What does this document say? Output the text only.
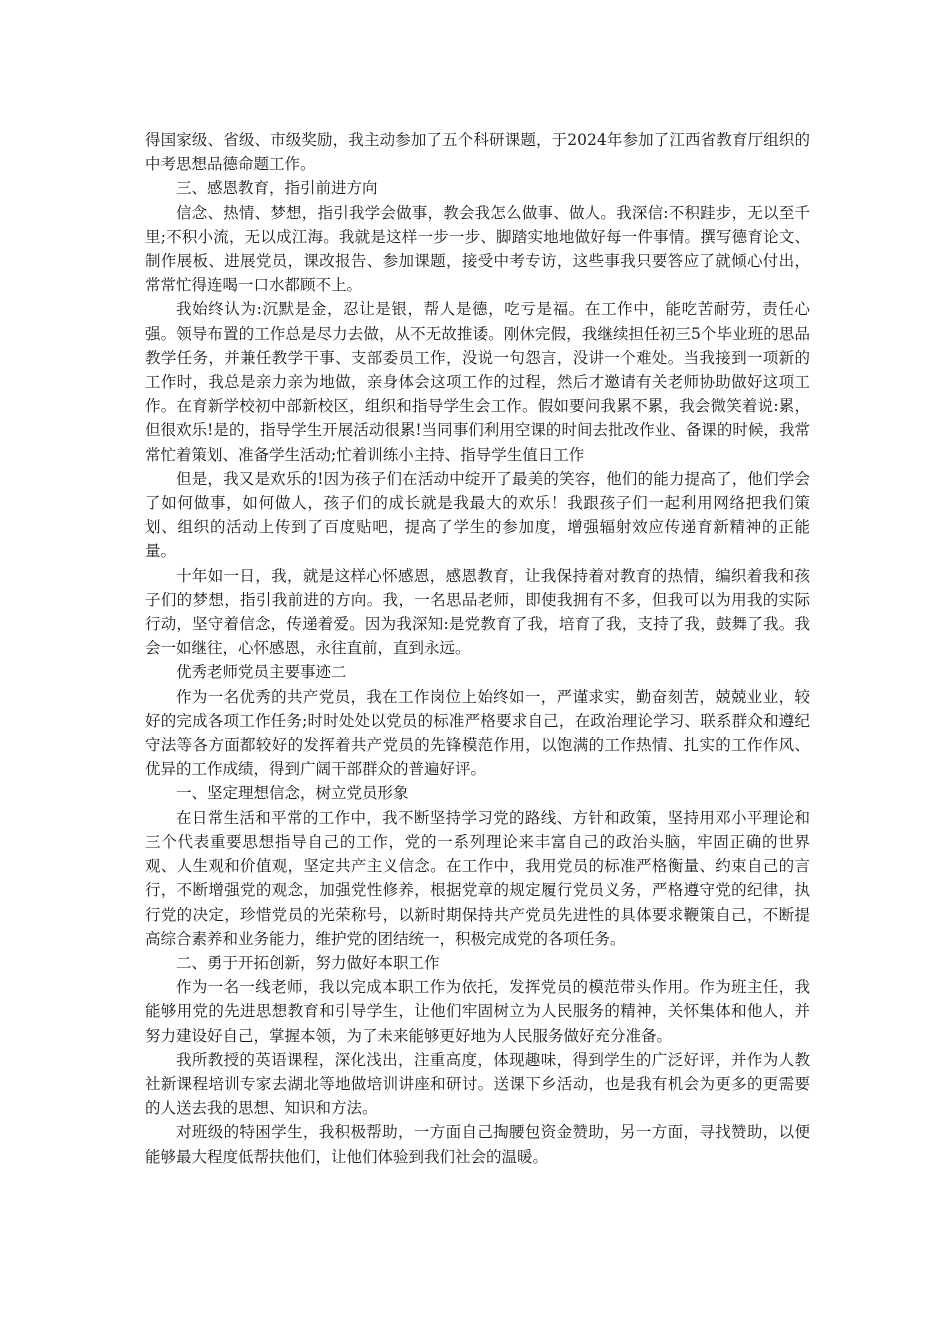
得国家级、省级、市级奖励，我主动参加了五个科研课题，于2024年参加了江西省教育厅组织的中考思想品德命题工作。

三、感恩教育，指引前进方向

信念、热情、梦想，指引我学会做事，教会我怎么做事、做人。我深信:不积跬步，无以至千里;不积小流，无以成江海。我就是这样一步一步、脚踏实地地做好每一件事情。撰写德育论文、制作展板、进展党员，课改报告、参加课题，接受中考专访，这些事我只要答应了就倾心付出，常常忙得连喝一口水都顾不上。

我始终认为:沉默是金，忍让是银，帮人是德，吃亏是福。在工作中，能吃苦耐劳，责任心强。领导布置的工作总是尽力去做，从不无故推诿。刚休完假，我继续担任初三5个毕业班的思品教学任务，并兼任教学干事、支部委员工作，没说一句怨言，没讲一个难处。当我接到一项新的工作时，我总是亲力亲为地做，亲身体会这项工作的过程，然后才邀请有关老师协助做好这项工作。在育新学校初中部新校区，组织和指导学生会工作。假如要问我累不累，我会微笑着说:累，但很欢乐!是的，指导学生开展活动很累!当同事们利用空课的时间去批改作业、备课的时候，我常常忙着策划、准备学生活动;忙着训练小主持、指导学生值日工作

但是，我又是欢乐的!因为孩子们在活动中绽开了最美的笑容，他们的能力提高了，他们学会了如何做事，如何做人，孩子们的成长就是我最大的欢乐！我跟孩子们一起利用网络把我们策划、组织的活动上传到了百度贴吧，提高了学生的参加度，增强辐射效应传递育新精神的正能量。

十年如一日，我，就是这样心怀感恩，感恩教育，让我保持着对教育的热情，编织着我和孩子们的梦想，指引我前进的方向。我，一名思品老师，即使我拥有不多，但我可以为用我的实际行动，坚守着信念，传递着爱。因为我深知:是党教育了我，培育了我，支持了我，鼓舞了我。我会一如继往，心怀感恩，永往直前，直到永远。

优秀老师党员主要事迹二

作为一名优秀的共产党员，我在工作岗位上始终如一，严谨求实，勤奋刻苦，兢兢业业，较好的完成各项工作任务;时时处处以党员的标准严格要求自己，在政治理论学习、联系群众和遵纪守法等各方面都较好的发挥着共产党员的先锋模范作用，以饱满的工作热情、扎实的工作作风、优异的工作成绩，得到广阔干部群众的普遍好评。

一、坚定理想信念，树立党员形象

在日常生活和平常的工作中，我不断坚持学习党的路线、方针和政策，坚持用邓小平理论和三个代表重要思想指导自己的工作，党的一系列理论来丰富自己的政治头脑，牢固正确的世界观、人生观和价值观，坚定共产主义信念。在工作中，我用党员的标准严格衡量、约束自己的言行，不断增强党的观念，加强党性修养，根据党章的规定履行党员义务，严格遵守党的纪律，执行党的决定，珍惜党员的光荣称号，以新时期保持共产党员先进性的具体要求鞭策自己，不断提高综合素养和业务能力，维护党的团结统一，积极完成党的各项任务。

二、勇于开拓创新，努力做好本职工作

作为一名一线老师，我以完成本职工作为依托，发挥党员的模范带头作用。作为班主任，我能够用党的先进思想教育和引导学生，让他们牢固树立为人民服务的精神，关怀集体和他人，并努力建设好自己，掌握本领，为了未来能够更好地为人民服务做好充分准备。

我所教授的英语课程，深化浅出，注重高度，体现趣味，得到学生的广泛好评，并作为人教社新课程培训专家去湖北等地做培训讲座和研讨。送课下乡活动，也是我有机会为更多的更需要的人送去我的思想、知识和方法。

对班级的特困学生，我积极帮助，一方面自己掏腰包资金赞助，另一方面，寻找赞助，以便能够最大程度低帮扶他们，让他们体验到我们社会的温暖。
